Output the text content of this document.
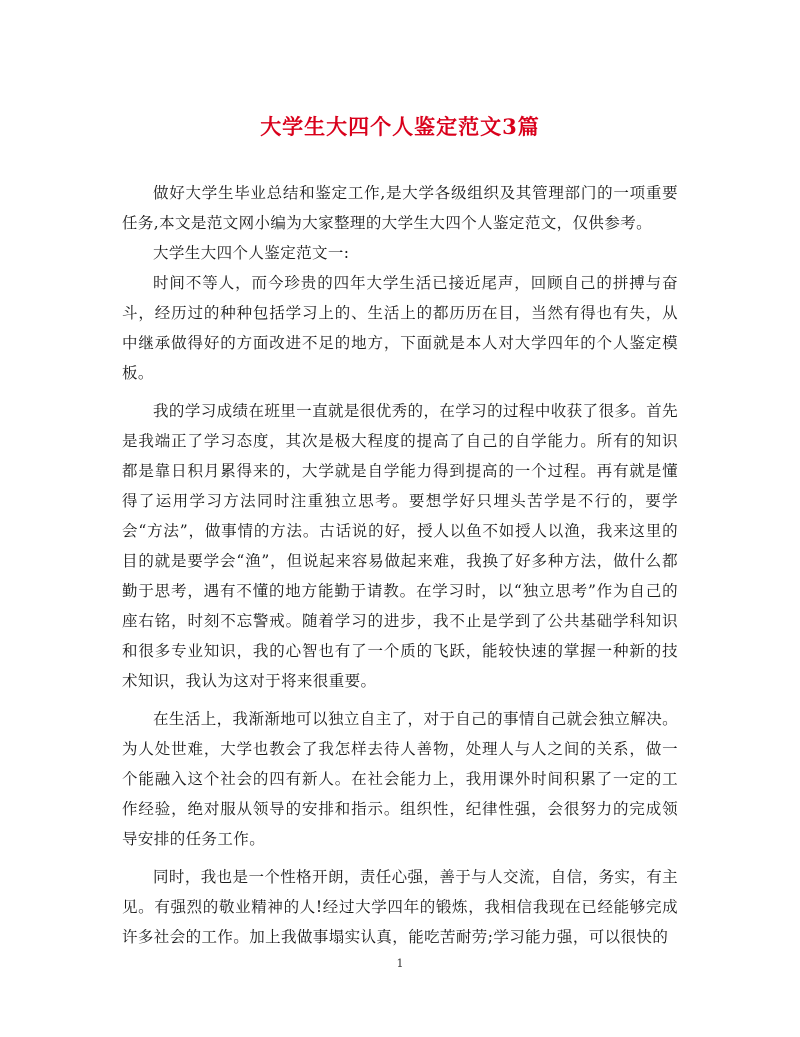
大学生大四个人鉴定范文3篇

做好大学生毕业总结和鉴定工作,是大学各级组织及其管理部门的一项重要任务,本文是范文网小编为大家整理的大学生大四个人鉴定范文，仅供参考。

大学生大四个人鉴定范文一:

时间不等人，而今珍贵的四年大学生活已接近尾声，回顾自己的拼搏与奋斗，经历过的种种包括学习上的、生活上的都历历在目，当然有得也有失，从中继承做得好的方面改进不足的地方，下面就是本人对大学四年的个人鉴定模板。

我的学习成绩在班里一直就是很优秀的，在学习的过程中收获了很多。首先是我端正了学习态度，其次是极大程度的提高了自己的自学能力。所有的知识都是靠日积月累得来的，大学就是自学能力得到提高的一个过程。再有就是懂得了运用学习方法同时注重独立思考。要想学好只埋头苦学是不行的，要学会“方法”，做事情的方法。古话说的好，授人以鱼不如授人以渔，我来这里的目的就是要学会“渔”，但说起来容易做起来难，我换了好多种方法，做什么都勤于思考，遇有不懂的地方能勤于请教。在学习时，以“独立思考”作为自己的座右铭，时刻不忘警戒。随着学习的进步，我不止是学到了公共基础学科知识和很多专业知识，我的心智也有了一个质的飞跃，能较快速的掌握一种新的技术知识，我认为这对于将来很重要。

在生活上，我渐渐地可以独立自主了，对于自己的事情自己就会独立解决。为人处世难，大学也教会了我怎样去待人善物，处理人与人之间的关系，做一个能融入这个社会的四有新人。在社会能力上，我用课外时间积累了一定的工作经验，绝对服从领导的安排和指示。组织性，纪律性强，会很努力的完成领导安排的任务工作。

同时，我也是一个性格开朗，责任心强，善于与人交流，自信，务实，有主见。有强烈的敬业精神的人!经过大学四年的锻炼，我相信我现在已经能够完成许多社会的工作。加上我做事塌实认真，能吃苦耐劳;学习能力强，可以很快的

1
